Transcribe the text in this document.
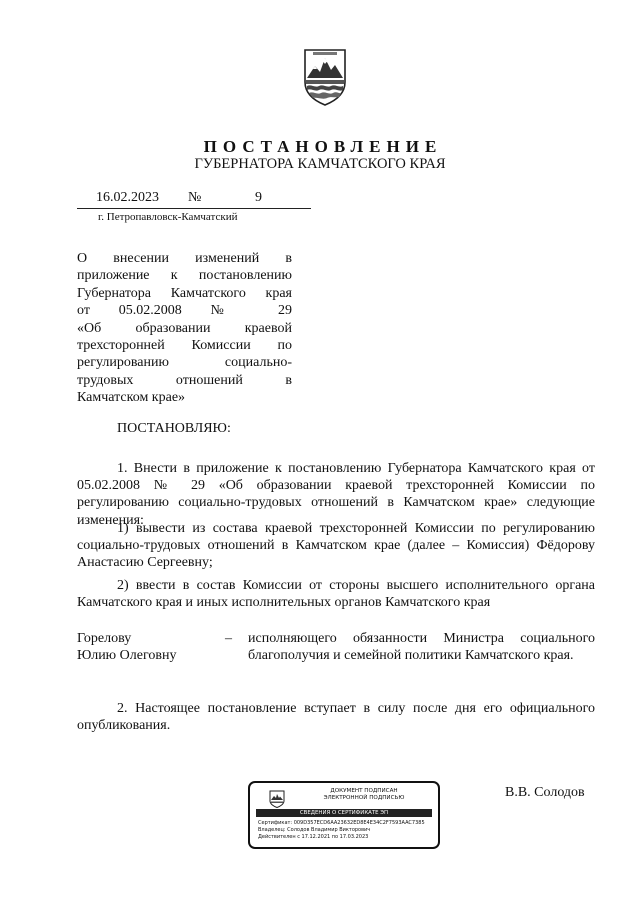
ПОСТАНОВЛЕНИЕ
ГУБЕРНАТОРА КАМЧАТСКОГО КРАЯ
16.02.2023 №	9
г. Петропавловск-Камчатский
О внесении изменений в
приложение к постановлению
Губернатора Камчатского края
от 05.02.2008 № 29
«Об образовании краевой
трехсторонней Комиссии по
регулированию социально-
трудовых отношений в
Камчатском крае»
ПОСТАНОВЛЯЮ:

1. Внести в приложение к постановлению Губернатора Камчатского края от 05.02.2008 № 29 «Об образовании краевой трехсторонней Комиссии по регулированию социально-трудовых отношений в Камчатском крае» следующие изменения:

1) вывести из состава краевой трехсторонней Комиссии по регулированию социально-трудовых отношений в Камчатском крае (далее – Комиссия) Фёдорову Анастасию Сергеевну;

2) ввести в состав Комиссии от стороны высшего исполнительного органа Камчатского края и иных исполнительных органов Камчатского края

Горелову
Юлию Олеговну
– исполняющего обязанности Министра социального благополучия и семейной политики Камчатского края.

2. Настоящее постановление вступает в силу после дня его официального опубликования.

ДОКУМЕНТ ПОДПИСАН
ЭЛЕКТРОННОЙ ПОДПИСЬЮ
СВЕДЕНИЯ О СЕРТИФИКАТЕ ЭП
Сертификат: 009D357ECD6AA23632ED8E4E34C2F7593AAC7385
Владелец: Солодов Владимир Викторович
Действителен с 17.12.2021 по 17.03.2023
В.В. Солодов
